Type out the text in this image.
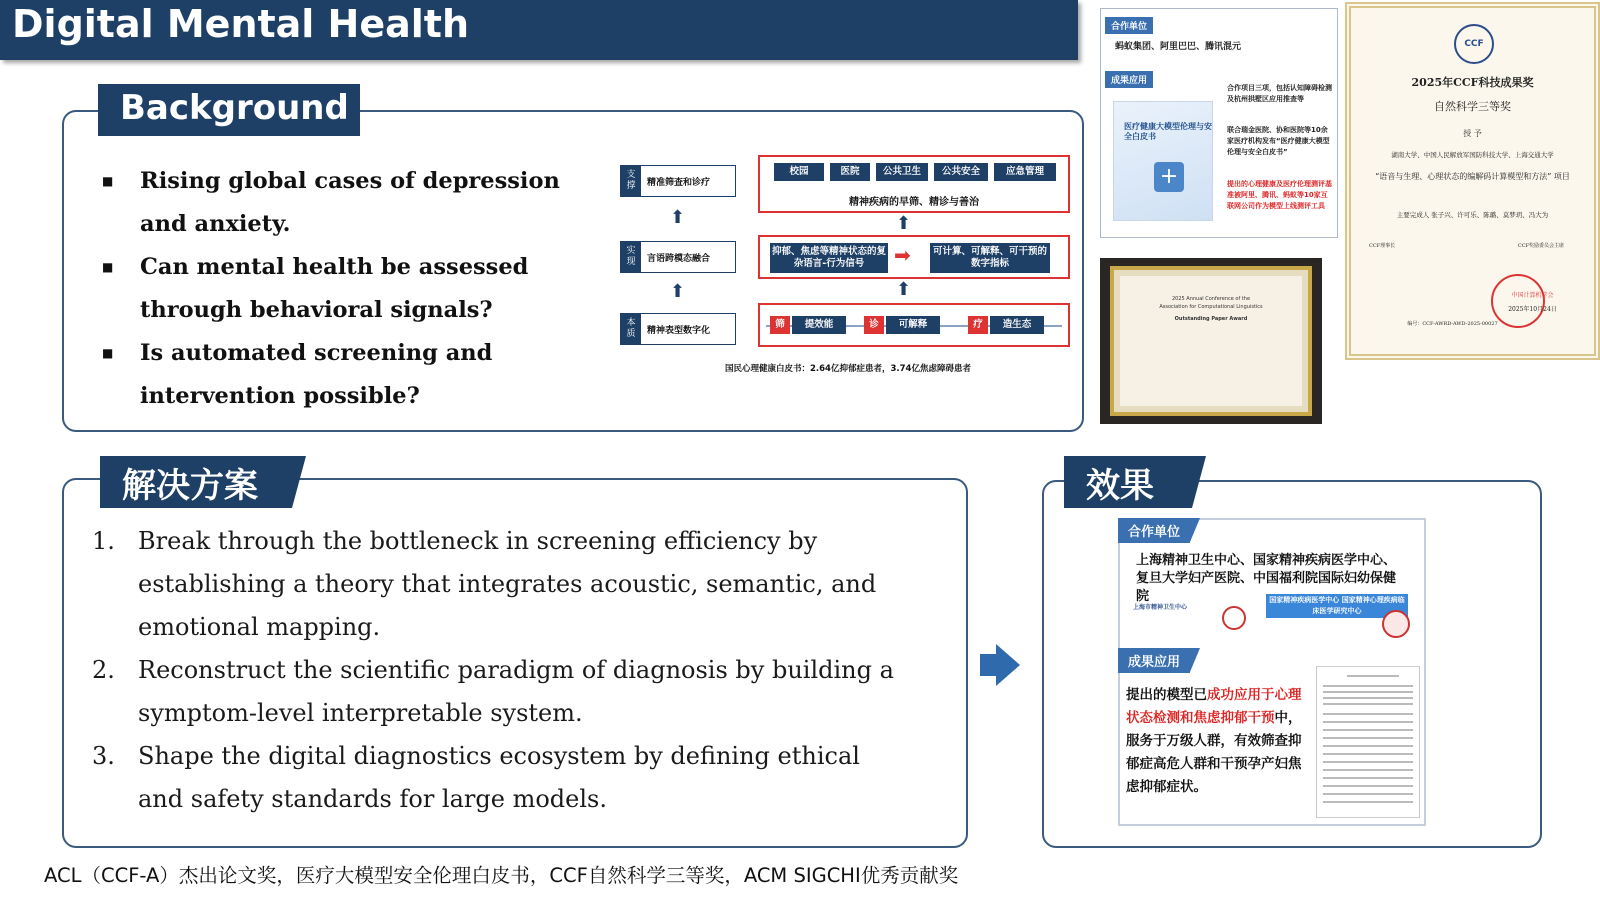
Digital Mental Health
Background
■ Rising global cases of depression and anxiety.
■ Can mental health be assessed through behavioral signals?
■ Is automated screening and intervention possible?
支撑	精准筛查和诊疗
⬆
实现	言语跨模态融合
⬆
本质	精神表型数字化
校园	医院	公共卫生	公共安全	应急管理
精神疾病的早筛、精诊与善治
⬆
抑郁、焦虑等精神状态的复杂语言-行为信号	➡	可计算、可解释、可干预的数字指标
⬆
筛	提效能	诊	可解释	疗	造生态
国民心理健康白皮书：2.64亿抑郁症患者，3.74亿焦虑障碍患者
合作单位
蚂蚁集团、阿里巴巴、腾讯混元
成果应用
医疗健康大模型伦理与安全白皮书
+
合作项目三项，包括认知障碍检测及杭州拱墅区应用推查等
联合瑞金医院、协和医院等10余家医疗机构发布“医疗健康大模型伦理与安全白皮书”
提出的心理健康及医疗伦理测评基准被阿里、腾讯、蚂蚁等10家互联网公司作为模型上线测评工具
2025 Annual Conference of the
Association for Computational Linguistics
Outstanding Paper Award
CCF
2025年CCF科技成果奖
自然科学三等奖
授 予
湖南大学、中国人民解放军国防科技大学、上海交通大学
“语音与生理、心理状态的编解码计算模型和方法” 项目
主要完成人 张子兴、许可乐、陈璐、莫梦玥、冯大为
CCF理事长	CCF奖励委员会主席
中国计算机学会
2025年10月24日
编号：CCF-AWRD-AWD-2025-00027
解决方案
1. Break through the bottleneck in screening efficiency by establishing a theory that integrates acoustic, semantic, and emotional mapping.
2. Reconstruct the scientific paradigm of diagnosis by building a symptom-level interpretable system.
3. Shape the digital diagnostics ecosystem by defining ethical and safety standards for large models.
效果
合作单位
上海精神卫生中心、国家精神疾病医学中心、复旦大学妇产医院、中国福利院国际妇幼保健院
上海市精神卫生中心
国家精神疾病医学中心 国家精神心理疾病临床医学研究中心
成果应用
提出的模型已成功应用于心理状态检测和焦虑抑郁干预中，服务于万级人群，有效筛查抑郁症高危人群和干预孕产妇焦虑抑郁症状。
ACL（CCF-A）杰出论文奖，医疗大模型安全伦理白皮书，CCF自然科学三等奖，ACM SIGCHI优秀贡献奖
